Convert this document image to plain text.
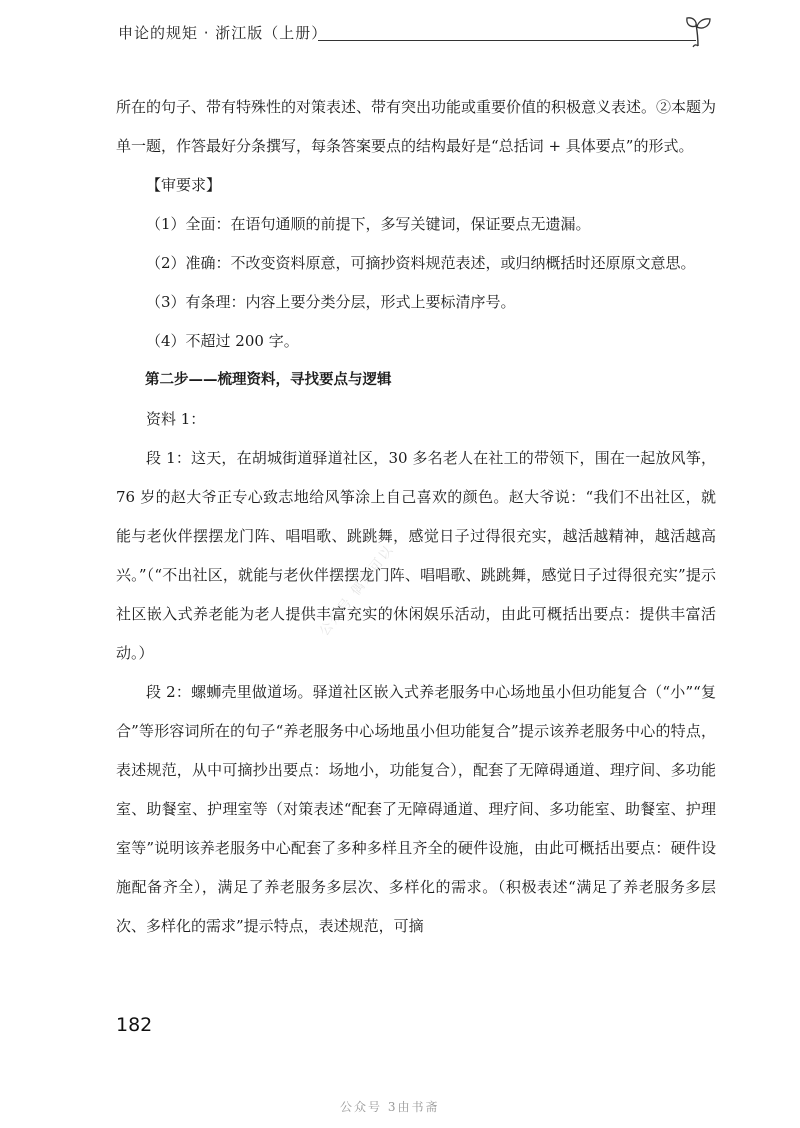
申论的规矩 · 浙江版（上册）

所在的句子、带有特殊性的对策表述、带有突出功能或重要价值的积极意义表述。②本题为单一题，作答最好分条撰写，每条答案要点的结构最好是“总括词 + 具体要点”的形式。

【审要求】

（1）全面：在语句通顺的前提下，多写关键词，保证要点无遗漏。

（2）准确：不改变资料原意，可摘抄资料规范表述，或归纳概括时还原原文意思。

（3）有条理：内容上要分类分层，形式上要标清序号。

（4）不超过 200 字。

第二步——梳理资料，寻找要点与逻辑

资料 1：

段 1：这天，在胡城街道驿道社区，30 多名老人在社工的带领下，围在一起放风筝，76 岁的赵大爷正专心致志地给风筝涂上自己喜欢的颜色。赵大爷说：“我们不出社区，就能与老伙伴摆摆龙门阵、唱唱歌、跳跳舞，感觉日子过得很充实，越活越精神，越活越高兴。”（“不出社区，就能与老伙伴摆摆龙门阵、唱唱歌、跳跳舞，感觉日子过得很充实”提示社区嵌入式养老能为老人提供丰富充实的休闲娱乐活动，由此可概括出要点：提供丰富活动。）

段 2：螺蛳壳里做道场。驿道社区嵌入式养老服务中心场地虽小但功能复合（“小”“复合”等形容词所在的句子“养老服务中心场地虽小但功能复合”提示该养老服务中心的特点，表述规范，从中可摘抄出要点：场地小，功能复合），配套了无障碍通道、理疗间、多功能室、助餐室、护理室等（对策表述“配套了无障碍通道、理疗间、多功能室、助餐室、护理室等”说明该养老服务中心配套了多种多样且齐全的硬件设施，由此可概括出要点：硬件设施配备齐全），满足了养老服务多层次、多样化的需求。（积极表述“满足了养老服务多层次、多样化的需求”提示特点，表述规范，可摘

公众号 偶家可以
182
公众号 3由书斋
